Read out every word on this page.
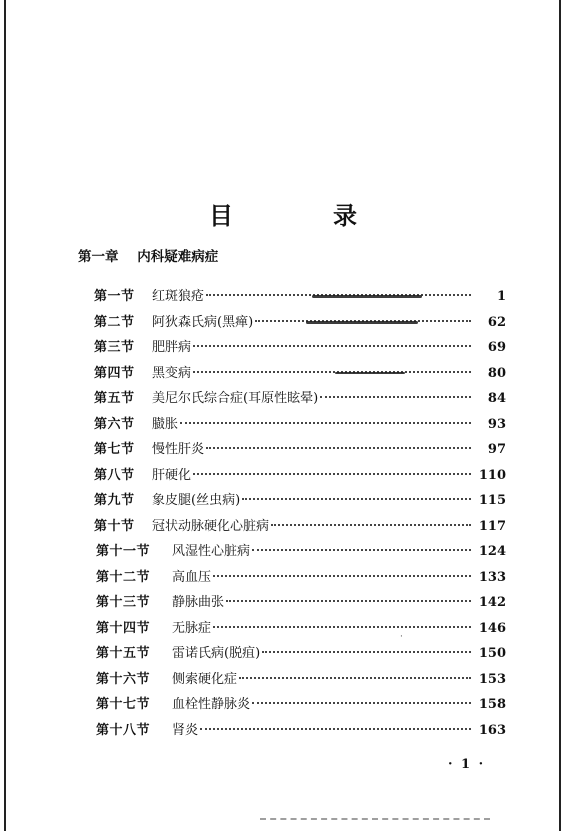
目　录
第一章 内科疑难病症
第一节 红斑狼疮	1
第二节 阿狄森氏病(黑瘅)	62
第三节 肥胖病	69
第四节 黑变病	80
第五节 美尼尔氏综合症(耳原性眩晕)	84
第六节 臌胀	93
第七节 慢性肝炎	97
第八节 肝硬化	110
第九节 象皮腿(丝虫病)	115
第十节 冠状动脉硬化心脏病	117
第十一节 风湿性心脏病	124
第十二节 高血压	133
第十三节 静脉曲张	142
第十四节 无脉症	146
第十五节 雷诺氏病(脱疽)	150
第十六节 侧索硬化症	153
第十七节 血栓性静脉炎	158
第十八节 肾炎	163
·
· 1 ·
